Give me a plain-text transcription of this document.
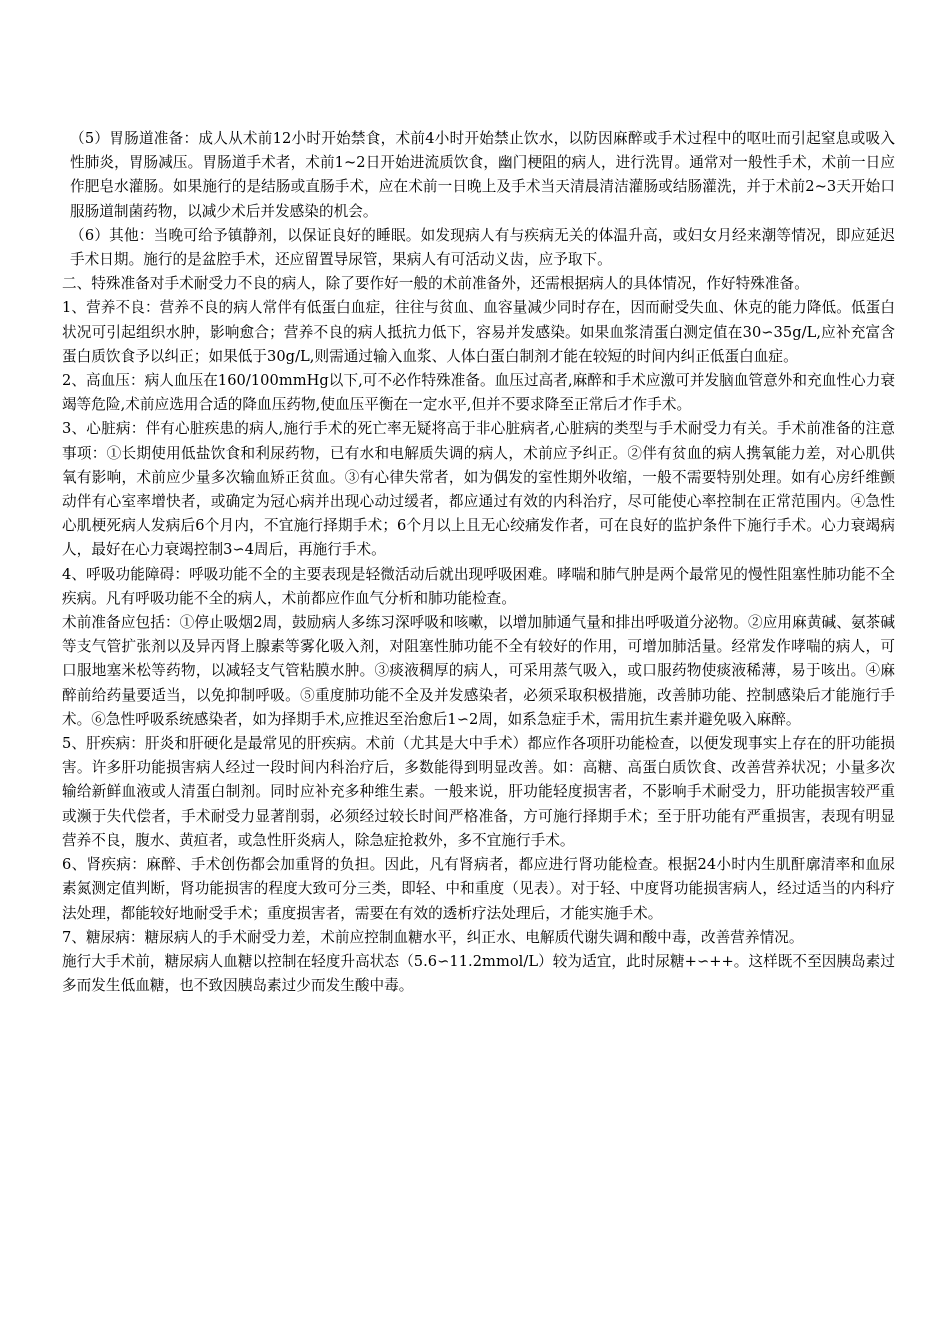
（5）胃肠道准备：成人从术前12小时开始禁食，术前4小时开始禁止饮水，以防因麻醉或手术过程中的呕吐而引起窒息或吸入性肺炎，胃肠减压。胃肠道手术者，术前1~2日开始进流质饮食，幽门梗阻的病人，进行洗胃。通常对一般性手术，术前一日应作肥皂水灌肠。如果施行的是结肠或直肠手术，应在术前一日晚上及手术当天清晨清洁灌肠或结肠灌洗，并于术前2~3天开始口服肠道制菌药物，以减少术后并发感染的机会。

（6）其他：当晚可给予镇静剂，以保证良好的睡眠。如发现病人有与疾病无关的体温升高，或妇女月经来潮等情况，即应延迟手术日期。施行的是盆腔手术，还应留置导尿管，果病人有可活动义齿，应予取下。

二、特殊准备对手术耐受力不良的病人，除了要作好一般的术前准备外，还需根据病人的具体情况，作好特殊准备。

1、营养不良：营养不良的病人常伴有低蛋白血症，往往与贫血、血容量减少同时存在，因而耐受失血、休克的能力降低。低蛋白状况可引起组织水肿，影响愈合；营养不良的病人抵抗力低下，容易并发感染。如果血浆清蛋白测定值在30∽35g/L,应补充富含蛋白质饮食予以纠正；如果低于30g/L,则需通过输入血浆、人体白蛋白制剂才能在较短的时间内纠正低蛋白血症。

2、高血压：病人血压在160/100mmHg以下,可不必作特殊准备。血压过高者,麻醉和手术应激可并发脑血管意外和充血性心力衰竭等危险,术前应选用合适的降血压药物,使血压平衡在一定水平,但并不要求降至正常后才作手术。

3、心脏病：伴有心脏疾患的病人,施行手术的死亡率无疑将高于非心脏病者,心脏病的类型与手术耐受力有关。手术前准备的注意事项：①长期使用低盐饮食和利尿药物，已有水和电解质失调的病人，术前应予纠正。②伴有贫血的病人携氧能力差，对心肌供氧有影响，术前应少量多次输血矫正贫血。③有心律失常者，如为偶发的室性期外收缩，一般不需要特别处理。如有心房纤维颤动伴有心室率增快者，或确定为冠心病并出现心动过缓者，都应通过有效的内科治疗，尽可能使心率控制在正常范围内。④急性心肌梗死病人发病后6个月内，不宜施行择期手术；6个月以上且无心绞痛发作者，可在良好的监护条件下施行手术。心力衰竭病人，最好在心力衰竭控制3∽4周后，再施行手术。

4、呼吸功能障碍：呼吸功能不全的主要表现是轻微活动后就出现呼吸困难。哮喘和肺气肿是两个最常见的慢性阻塞性肺功能不全疾病。凡有呼吸功能不全的病人，术前都应作血气分析和肺功能检查。

术前准备应包括：①停止吸烟2周，鼓励病人多练习深呼吸和咳嗽，以增加肺通气量和排出呼吸道分泌物。②应用麻黄碱、氨茶碱等支气管扩张剂以及异丙肾上腺素等雾化吸入剂，对阻塞性肺功能不全有较好的作用，可增加肺活量。经常发作哮喘的病人，可口服地塞米松等药物，以减轻支气管粘膜水肿。③痰液稠厚的病人，可采用蒸气吸入，或口服药物使痰液稀薄，易于咳出。④麻醉前给药量要适当，以免抑制呼吸。⑤重度肺功能不全及并发感染者，必须采取积极措施，改善肺功能、控制感染后才能施行手术。⑥急性呼吸系统感染者，如为择期手术,应推迟至治愈后1∽2周，如系急症手术，需用抗生素并避免吸入麻醉。

5、肝疾病：肝炎和肝硬化是最常见的肝疾病。术前（尤其是大中手术）都应作各项肝功能检查，以便发现事实上存在的肝功能损害。许多肝功能损害病人经过一段时间内科治疗后，多数能得到明显改善。如：高糖、高蛋白质饮食、改善营养状况；小量多次输给新鲜血液或人清蛋白制剂。同时应补充多种维生素。一般来说，肝功能轻度损害者，不影响手术耐受力，肝功能损害较严重或濒于失代偿者，手术耐受力显著削弱，必须经过较长时间严格准备，方可施行择期手术；至于肝功能有严重损害，表现有明显营养不良，腹水、黄疸者，或急性肝炎病人，除急症抢救外，多不宜施行手术。

6、肾疾病：麻醉、手术创伤都会加重肾的负担。因此，凡有肾病者，都应进行肾功能检查。根据24小时内生肌酐廓清率和血尿素氮测定值判断，肾功能损害的程度大致可分三类，即轻、中和重度（见表）。对于轻、中度肾功能损害病人，经过适当的内科疗法处理，都能较好地耐受手术；重度损害者，需要在有效的透析疗法处理后，才能实施手术。

7、糖尿病：糖尿病人的手术耐受力差，术前应控制血糖水平，纠正水、电解质代谢失调和酸中毒，改善营养情况。

施行大手术前，糖尿病人血糖以控制在轻度升高状态（5.6∽11.2mmol/L）较为适宜，此时尿糖+∽++。这样既不至因胰岛素过多而发生低血糖，也不致因胰岛素过少而发生酸中毒。
